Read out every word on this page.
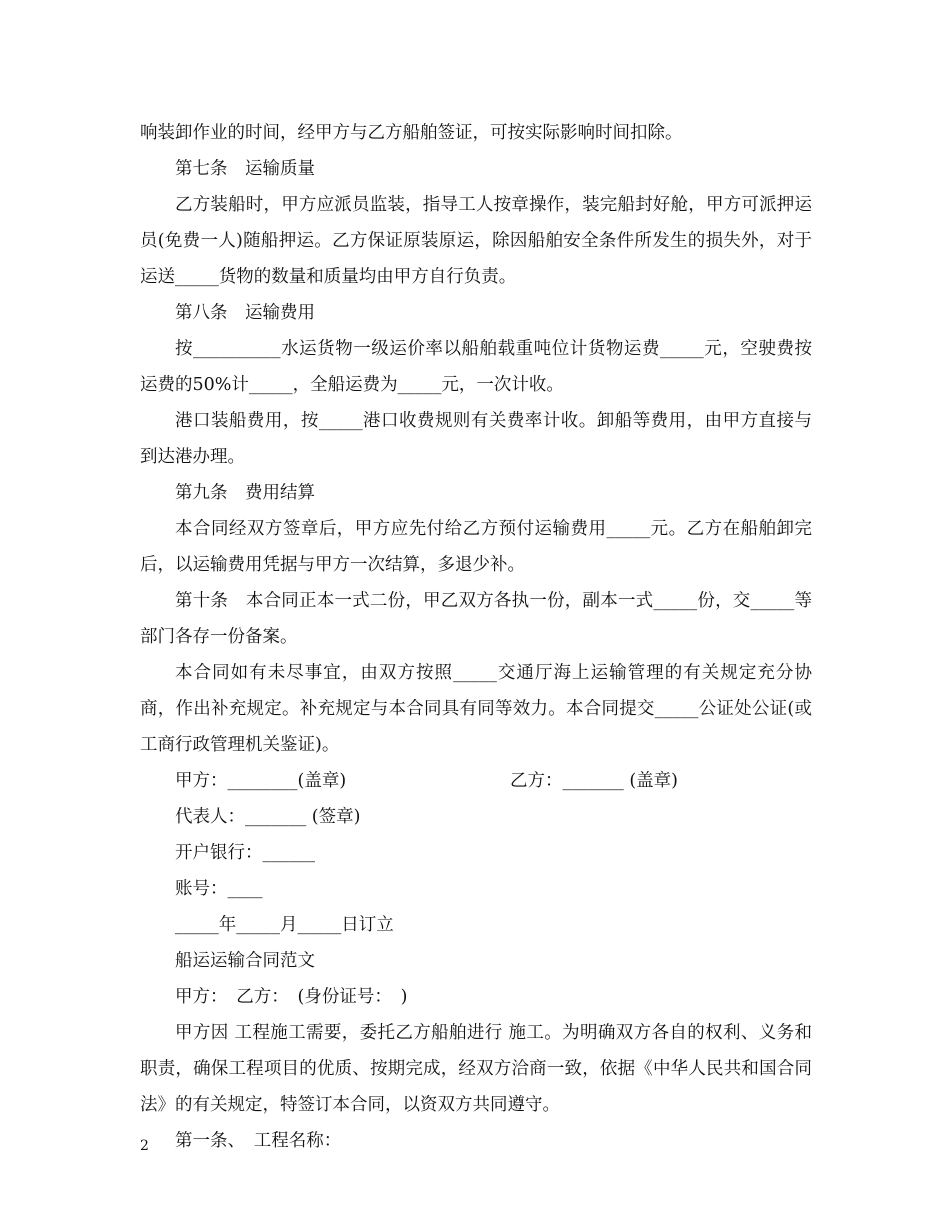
响装卸作业的时间，经甲方与乙方船舶签证，可按实际影响时间扣除。

第七条　运输质量

乙方装船时，甲方应派员监装，指导工人按章操作，装完船封好舱，甲方可派押运员(免费一人)随船押运。乙方保证原装原运，除因船舶安全条件所发生的损失外，对于运送_____货物的数量和质量均由甲方自行负责。

第八条　运输费用

按__________水运货物一级运价率以船舶载重吨位计货物运费_____元，空驶费按运费的50%计_____，全船运费为_____元，一次计收。

港口装船费用，按_____港口收费规则有关费率计收。卸船等费用，由甲方直接与到达港办理。

第九条　费用结算

本合同经双方签章后，甲方应先付给乙方预付运输费用_____元。乙方在船舶卸完后，以运输费用凭据与甲方一次结算，多退少补。

第十条　本合同正本一式二份，甲乙双方各执一份，副本一式_____份，交_____等部门各存一份备案。

本合同如有未尽事宜，由双方按照_____交通厅海上运输管理的有关规定充分协商，作出补充规定。补充规定与本合同具有同等效力。本合同提交_____公证处公证(或工商行政管理机关鉴证)。

甲方：________(盖章)	乙方：_______ (盖章)

代表人：_______ (签章)

开户银行：______

账号：____

_____年_____月_____日订立

船运运输合同范文

甲方：　乙方：　(身份证号：　)

甲方因 工程施工需要，委托乙方船舶进行 施工。为明确双方各自的权利、义务和职责，确保工程项目的优质、按期完成，经双方洽商一致，依据《中华人民共和国合同法》的有关规定，特签订本合同，以资双方共同遵守。

第一条、　工程名称：

2
